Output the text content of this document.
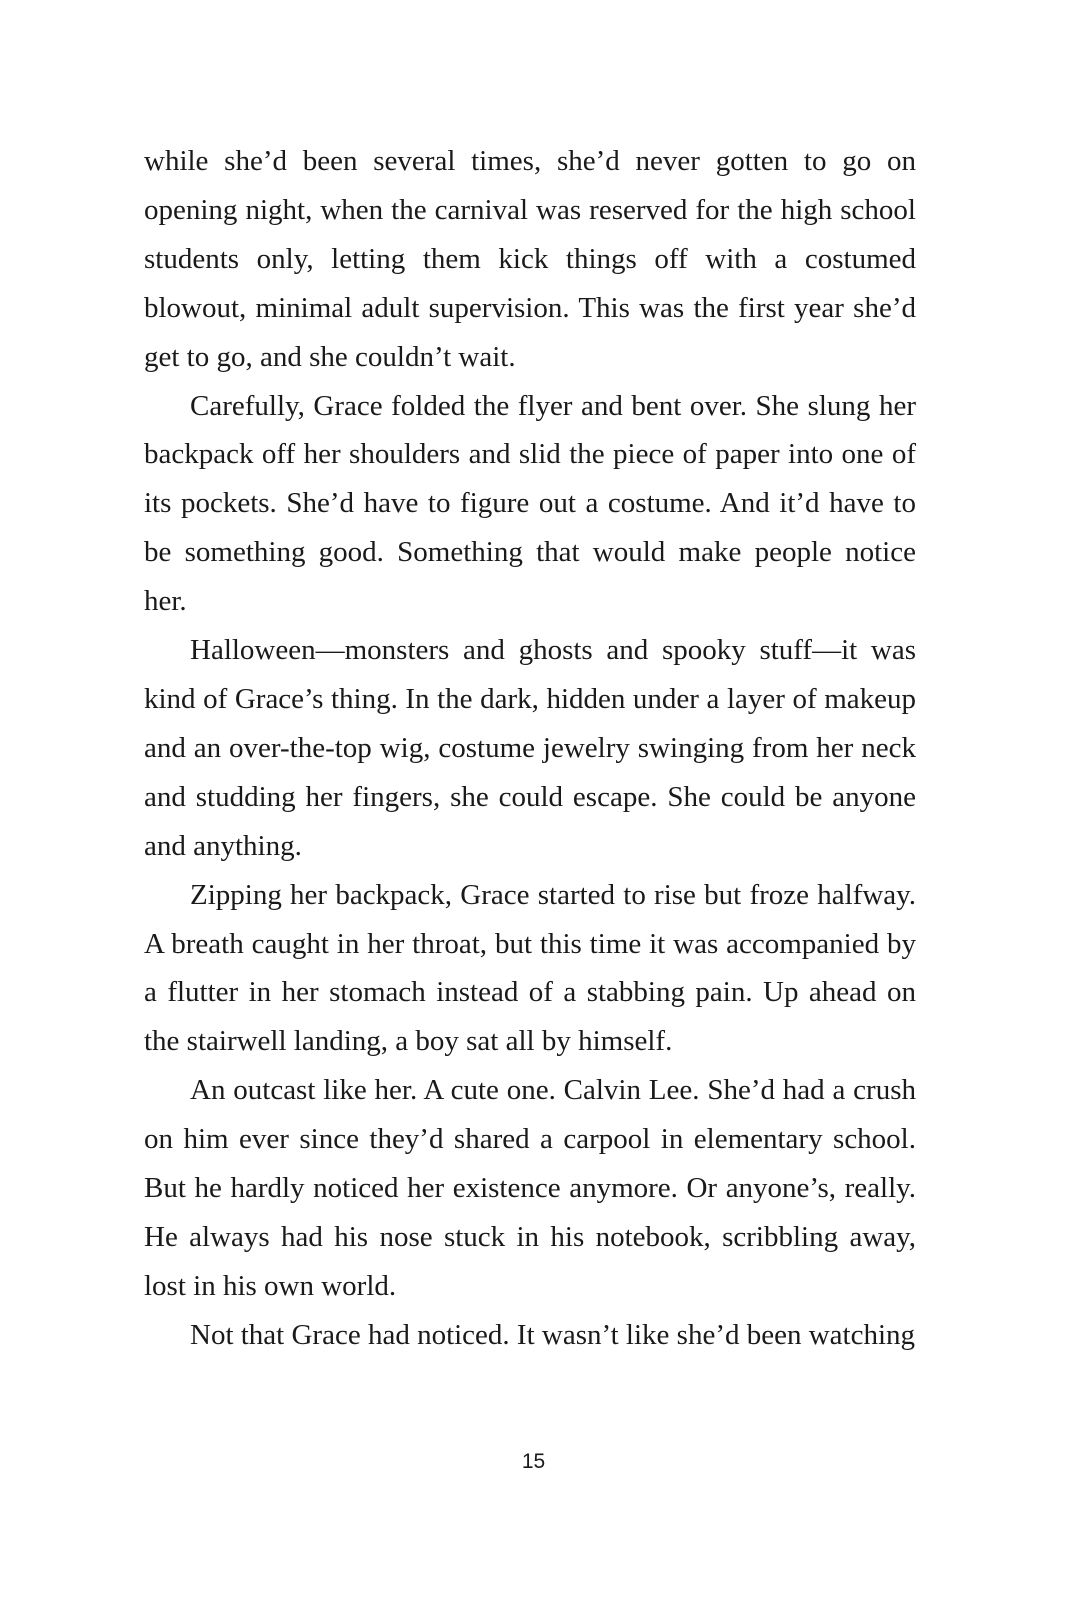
while she’d been several times, she’d never gotten to go on opening night, when the carnival was reserved for the high school students only, letting them kick things off with a costumed blowout, minimal adult supervision. This was the first year she’d get to go, and she couldn’t wait.

Carefully, Grace folded the flyer and bent over. She slung her backpack off her shoulders and slid the piece of paper into one of its pockets. She’d have to figure out a costume. And it’d have to be something good. Something that would make people notice her.

Halloween—monsters and ghosts and spooky stuff—it was kind of Grace’s thing. In the dark, hidden under a layer of makeup and an over-the-top wig, costume jewelry swinging from her neck and studding her fingers, she could escape. She could be anyone and anything.

Zipping her backpack, Grace started to rise but froze halfway. A breath caught in her throat, but this time it was accompanied by a flutter in her stomach instead of a stabbing pain. Up ahead on the stairwell landing, a boy sat all by himself.

An outcast like her. A cute one. Calvin Lee. She’d had a crush on him ever since they’d shared a carpool in elementary school. But he hardly noticed her existence anymore. Or anyone’s, really. He always had his nose stuck in his notebook, scribbling away, lost in his own world.

Not that Grace had noticed. It wasn’t like she’d been watching

15
